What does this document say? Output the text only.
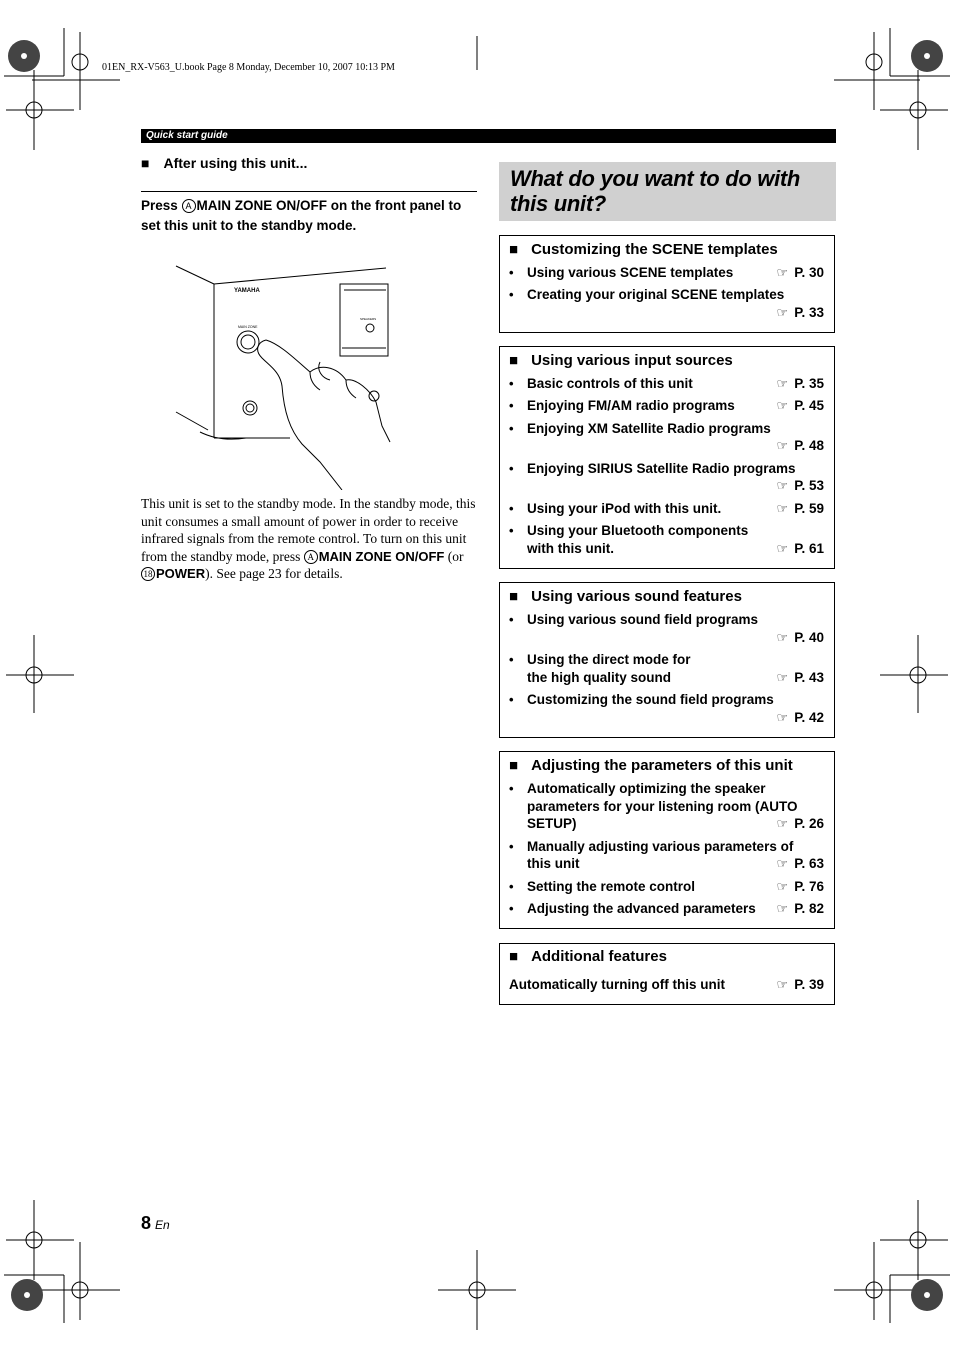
01EN_RX-V563_U.book Page 8 Monday, December 10, 2007 10:13 PM
Quick start guide
■ After using this unit...
Press A MAIN ZONE ON/OFF on the front panel to set this unit to the standby mode.
YAMAHA
MAIN ZONE
SPEAKERS
This unit is set to the standby mode. In the standby mode, this unit consumes a small amount of power in order to receive infrared signals from the remote control. To turn on this unit from the standby mode, press A MAIN ZONE ON/OFF (or 18 POWER). See page 23 for details.
What do you want to do with this unit?
■ Customizing the SCENE templates
• Using various SCENE templates	☞ P. 30
• Creating your original SCENE templates
☞ P. 33
■ Using various input sources
• Basic controls of this unit	☞ P. 35
• Enjoying FM/AM radio programs	☞ P. 45
• Enjoying XM Satellite Radio programs
☞ P. 48
• Enjoying SIRIUS Satellite Radio programs
☞ P. 53
• Using your iPod with this unit.	☞ P. 59
• Using your Bluetooth components
with this unit.	☞ P. 61
■ Using various sound features
• Using various sound field programs
☞ P. 40
• Using the direct mode for
the high quality sound	☞ P. 43
• Customizing the sound field programs
☞ P. 42
■ Adjusting the parameters of this unit
• Automatically optimizing the speaker
parameters for your listening room (AUTO
SETUP)	☞ P. 26
• Manually adjusting various parameters of
this unit	☞ P. 63
• Setting the remote control	☞ P. 76
• Adjusting the advanced parameters ☞ P. 82
■ Additional features
Automatically turning off this unit	☞ P. 39
8 En
